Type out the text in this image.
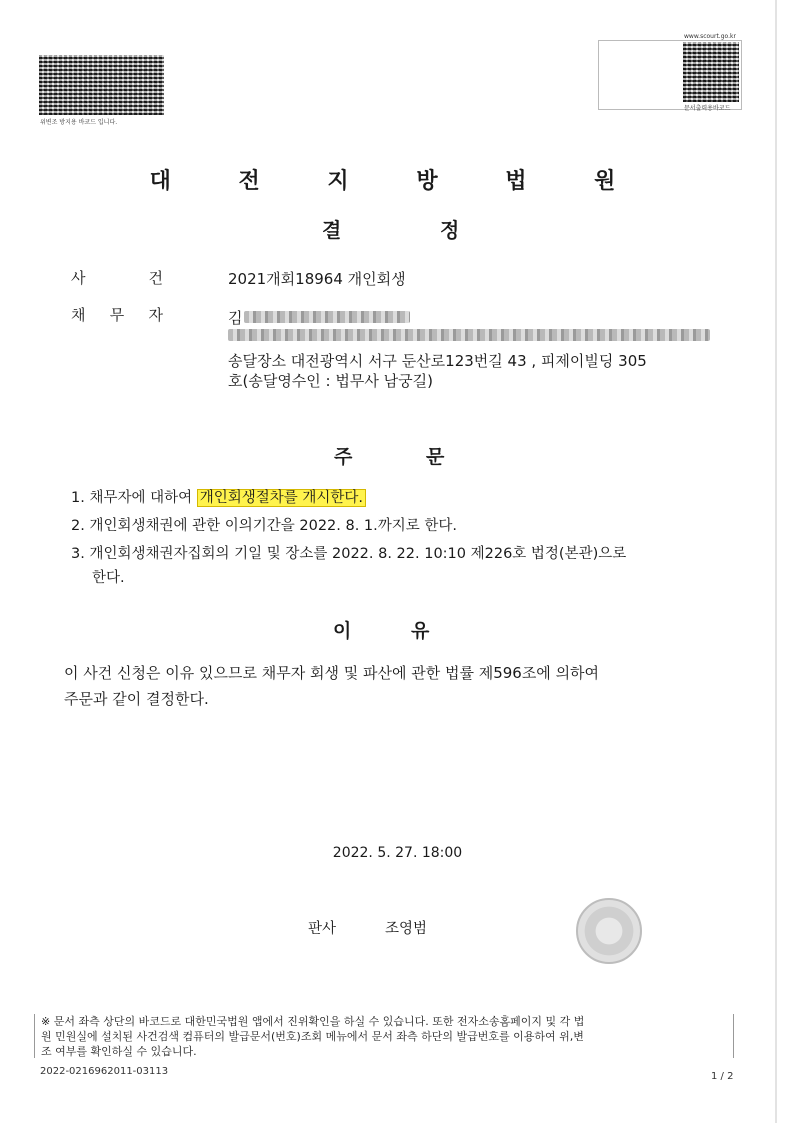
위변조 방지용 바코드 입니다.
www.scourt.go.kr
문서출력용바코드
대 전 지 방 법 원
결	정
사	건	2021개회18964 개인회생
채 무 자	김
송달장소 대전광역시 서구 둔산로123번길 43 , 피제이빌딩 305
호(송달영수인 : 법무사 남궁길)
주	문
1. 채무자에 대하여 개인회생절차를 개시한다.
2. 개인회생채권에 관한 이의기간을 2022. 8. 1.까지로 한다.
3. 개인회생채권자집회의 기일 및 장소를 2022. 8. 22. 10:10 제226호 법정(본관)으로
한다.
이	유
이 사건 신청은 이유 있으므로 채무자 회생 및 파산에 관한 법률 제596조에 의하여
주문과 같이 결정한다.
2022. 5. 27. 18:00
판사	조영범
※ 문서 좌측 상단의 바코드로 대한민국법원 앱에서 진위확인을 하실 수 있습니다. 또한 전자소송홈페이지 및 각 법
원 민원실에 설치된 사건검색 컴퓨터의 발급문서(번호)조회 메뉴에서 문서 좌측 하단의 발급번호를 이용하여 위,변
조 여부를 확인하실 수 있습니다.
2022-0216962011-03113	1 / 2
